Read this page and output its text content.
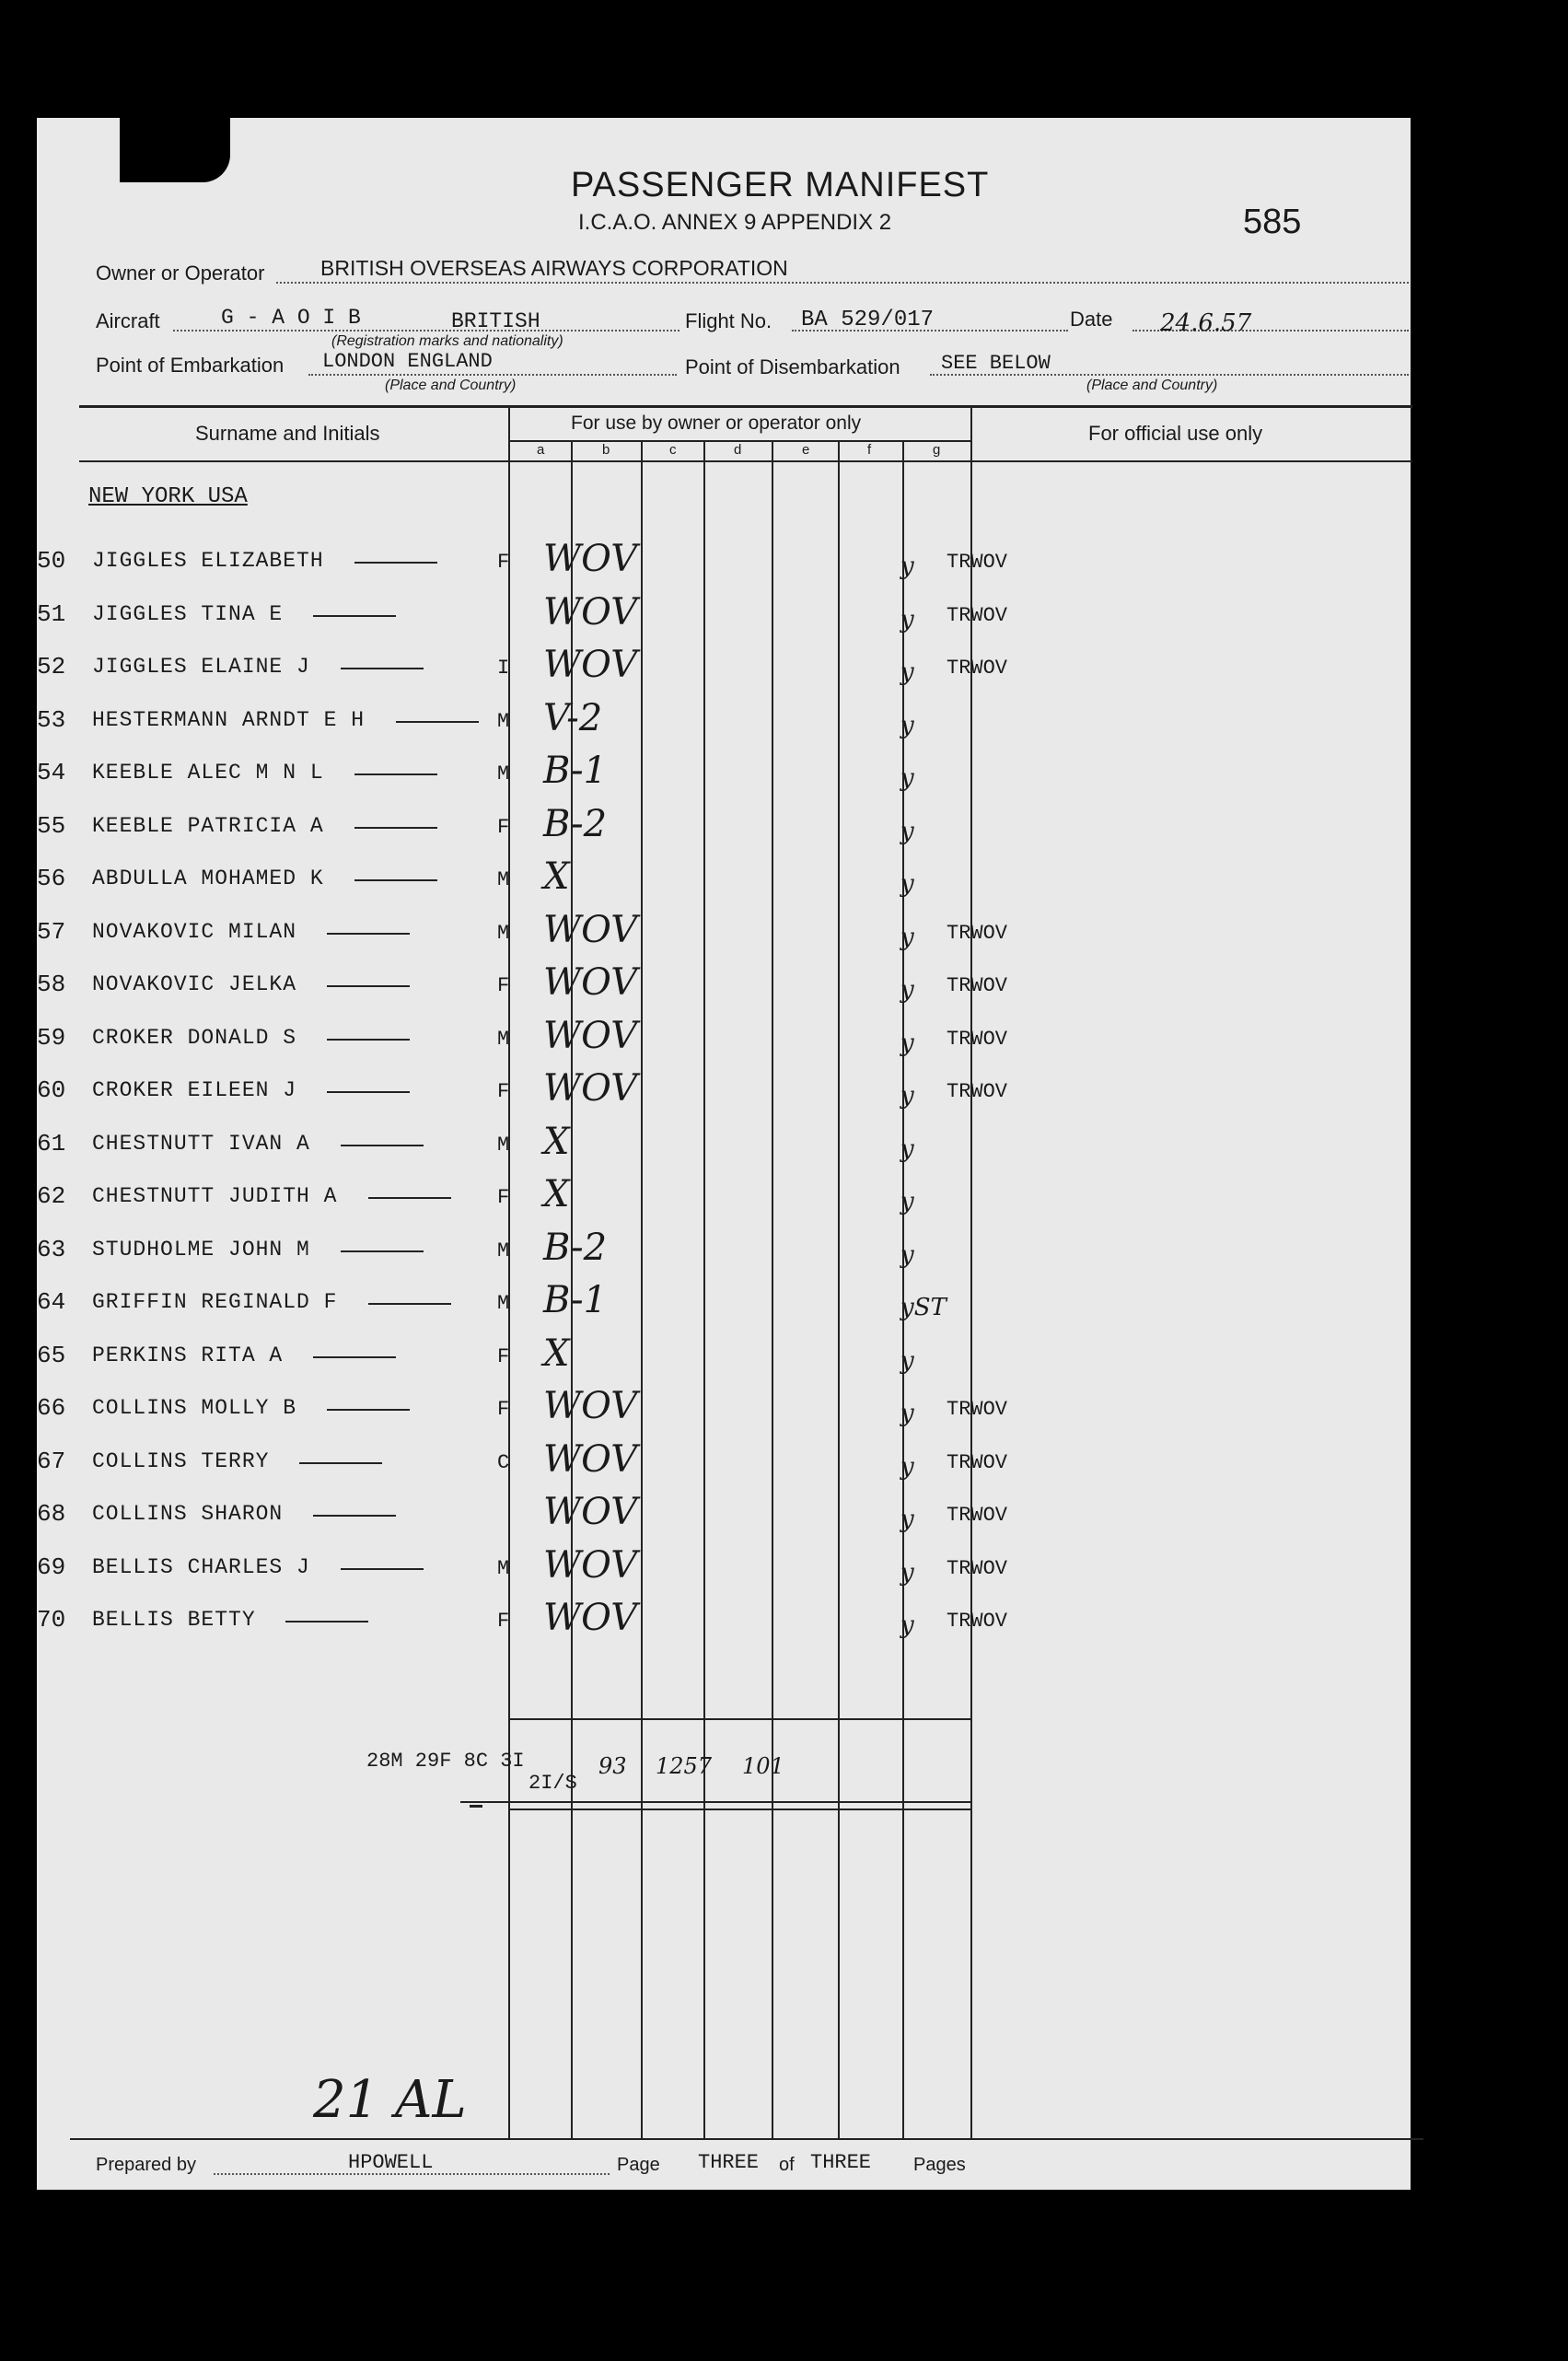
PASSENGER MANIFEST
I.C.A.O. ANNEX 9 APPENDIX 2	585
Owner or Operator	BRITISH OVERSEAS AIRWAYS CORPORATION
Aircraft	G - A O I B	BRITISH
(Registration marks and nationality)
Flight No. BA 529/017	Date 24.6.57
Point of Embarkation LONDON ENGLAND
(Place and Country)
Point of Disembarkation SEE BELOW
(Place and Country)
Surname and Initials	For use by owner or operator only	For official use only
a	b	c	d	e	f	g
NEW YORK USA
50	JIGGLES ELIZABETH	F WOV	y TRWOV
51	JIGGLES TINA E	WOV	y TRWOV
52	JIGGLES ELAINE J	I WOV	y TRWOV
53	HESTERMANN ARNDT E H	M V-2	y
54	KEEBLE ALEC M N L	M B-1	y
55	KEEBLE PATRICIA A	F B-2	y
56	ABDULLA MOHAMED K	M X	y
57	NOVAKOVIC MILAN	M WOV	y TRWOV
58	NOVAKOVIC JELKA	F WOV	y TRWOV
59	CROKER DONALD S	M WOV	y TRWOV
60	CROKER EILEEN J	F WOV	y TRWOV
61	CHESTNUTT IVAN A	M X	y
62	CHESTNUTT JUDITH A	F X	y
63	STUDHOLME JOHN M	M B-2	y
64	GRIFFIN REGINALD F	M B-1	yST
65	PERKINS RITA A	F X	y
66	COLLINS MOLLY B	F WOV	y TRWOV
67	COLLINS TERRY	C WOV	y TRWOV
68	COLLINS SHARON	WOV	y TRWOV
69	BELLIS CHARLES J	M WOV	y TRWOV
70	BELLIS BETTY	F WOV	y TRWOV
28M 29F 8C 3I
2I/S
93 1257 101
21 AL
Prepared by	HPOWELL	Page THREE of THREE Pages
